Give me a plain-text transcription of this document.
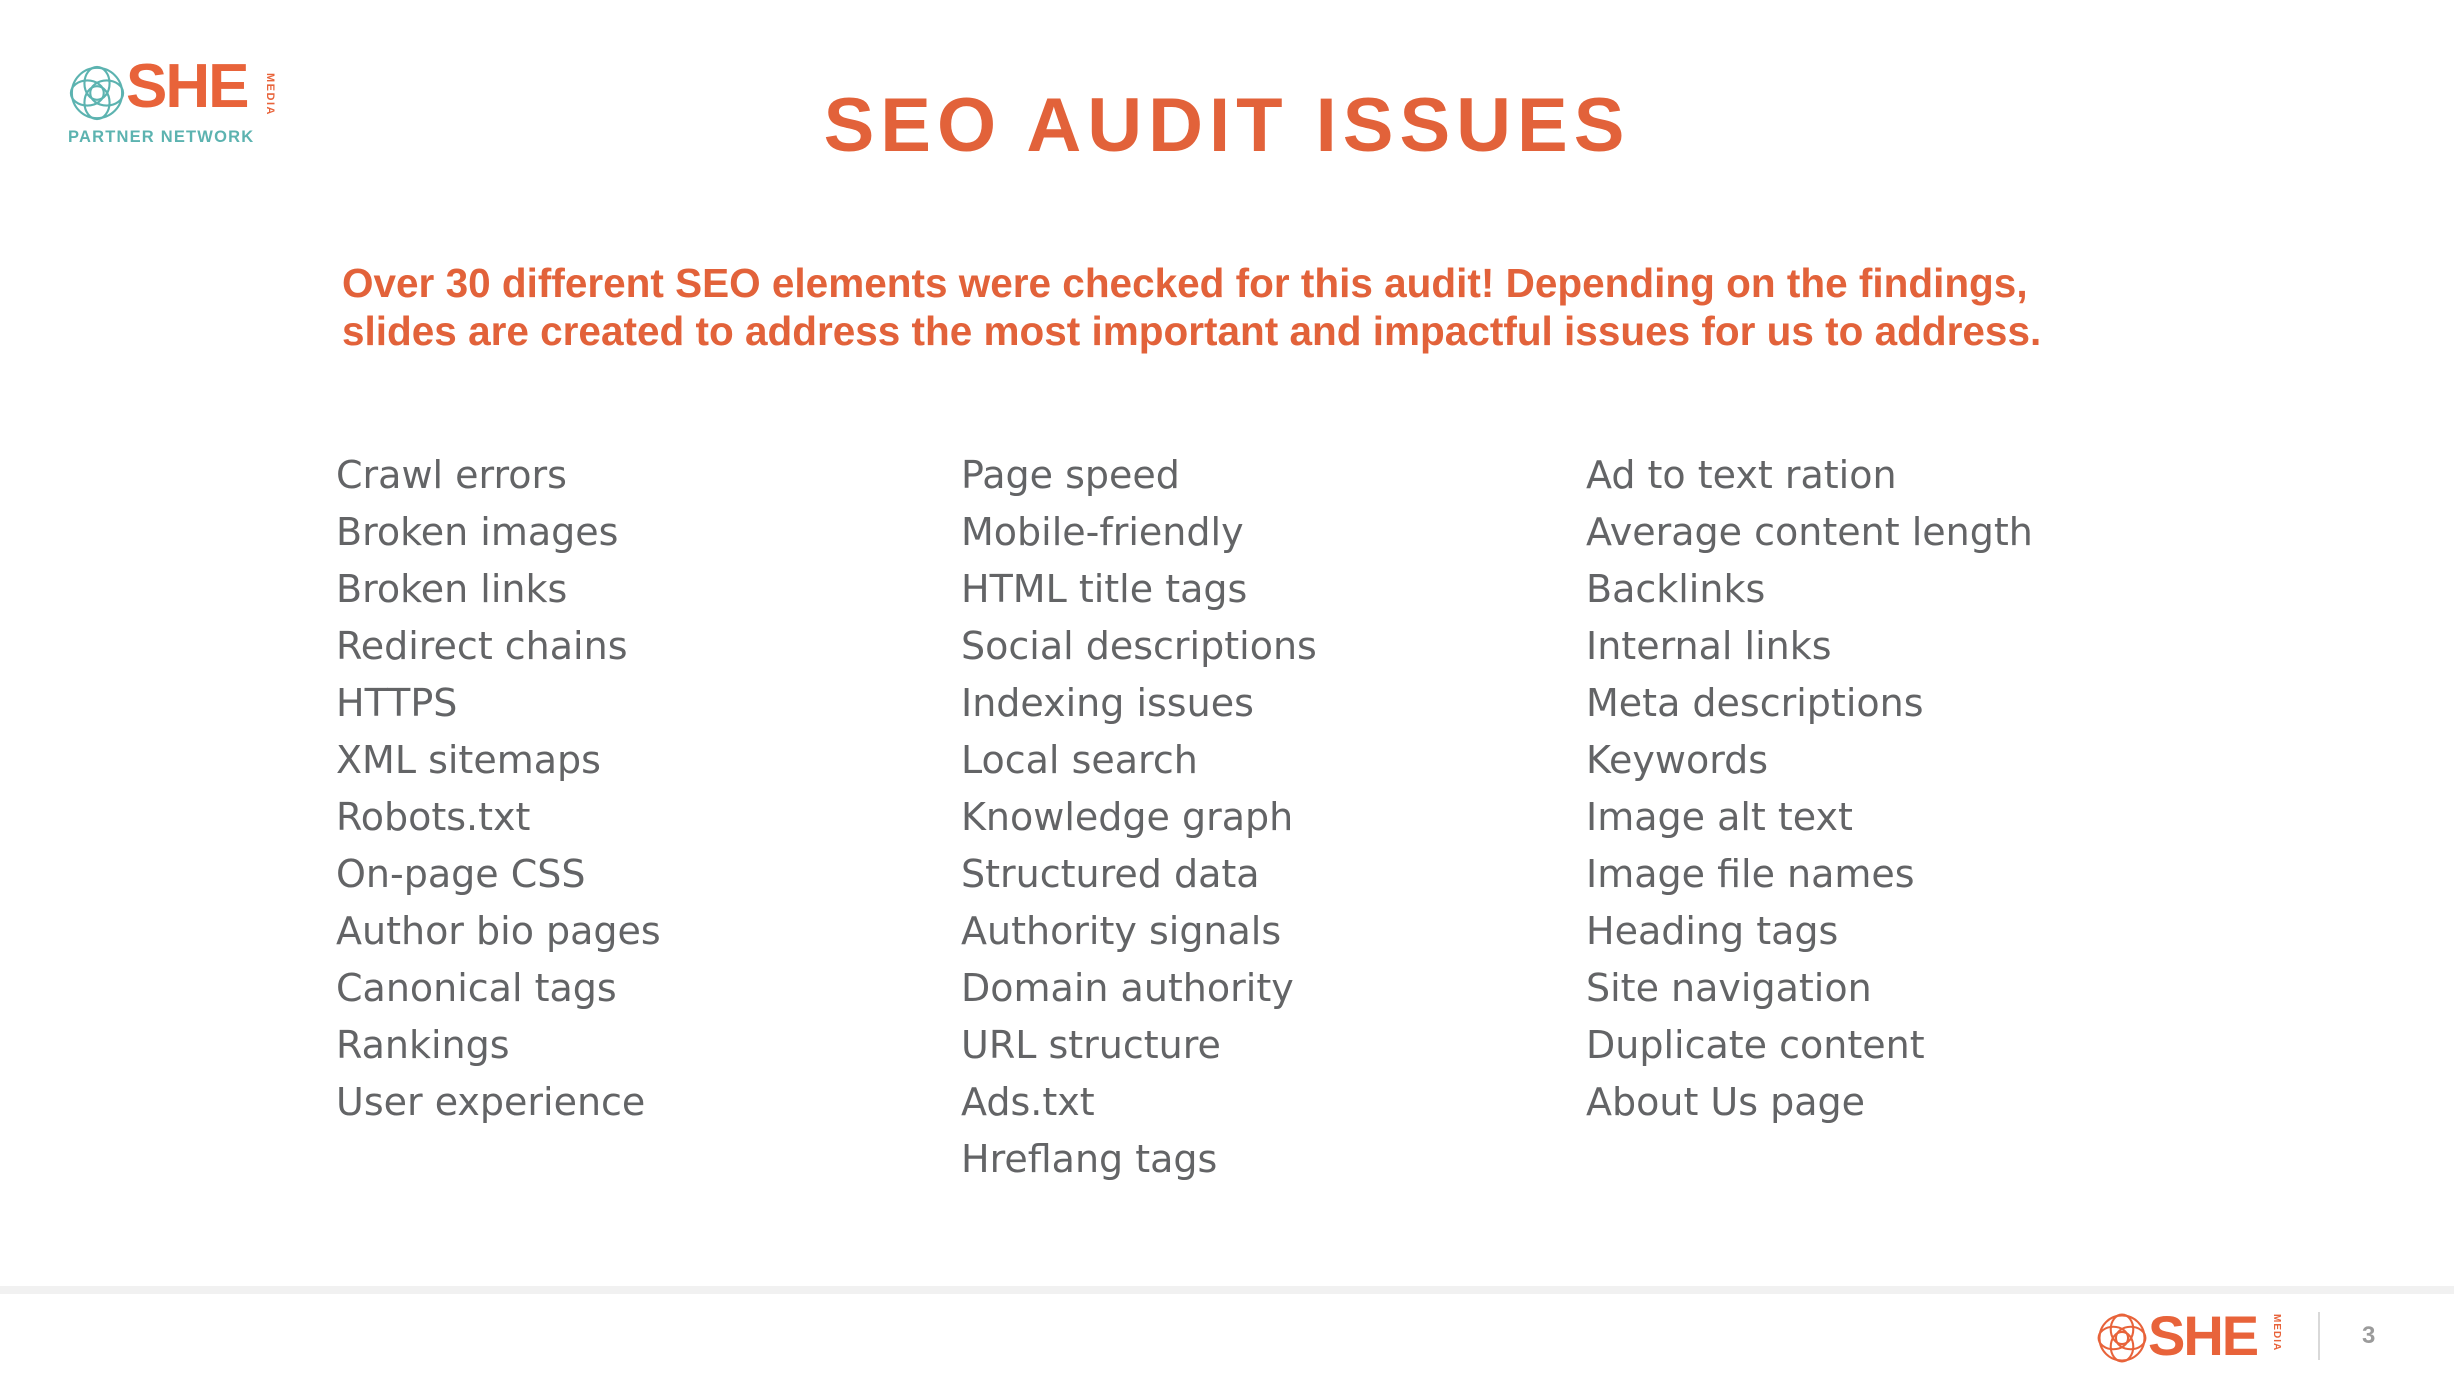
SHE MEDIA
PARTNER NETWORK	SEO AUDIT ISSUES

Over 30 different SEO elements were checked for this audit! Depending on the findings,

slides are created to address the most important and impactful issues for us to address.

Crawl errors
Broken images
Broken links
Redirect chains
HTTPS
XML sitemaps
Robots.txt
On-page CSS
Author bio pages
Canonical tags
Rankings
User experience
Page speed
Mobile-friendly
HTML title tags
Social descriptions
Indexing issues
Local search
Knowledge graph
Structured data
Authority signals
Domain authority
URL structure
Ads.txt
Hreflang tags
Ad to text ration
Average content length
Backlinks
Internal links
Meta descriptions
Keywords
Image alt text
Image file names
Heading tags
Site navigation
Duplicate content
About Us page
SHE MEDIA	3
